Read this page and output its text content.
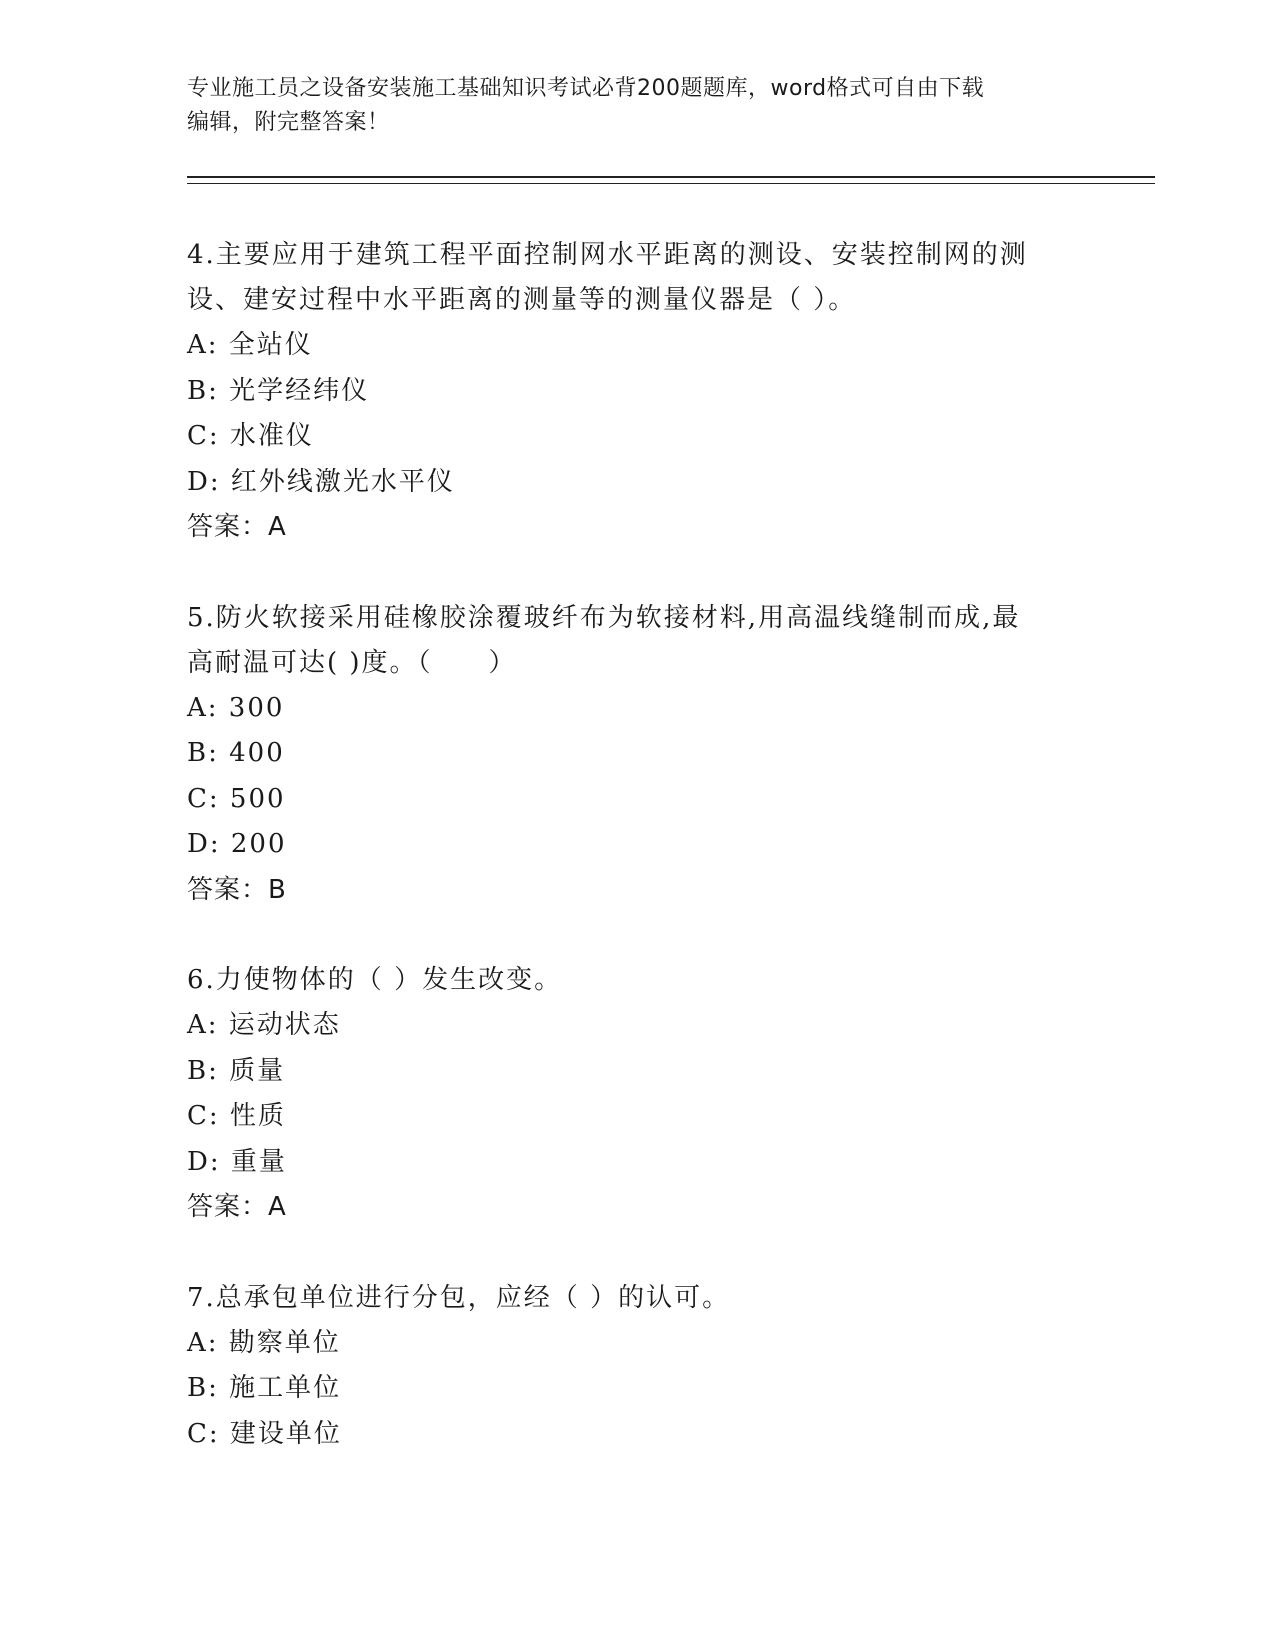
专业施工员之设备安装施工基础知识考试必背200题题库，word格式可自由下载
编辑，附完整答案！
4.主要应用于建筑工程平面控制网水平距离的测设、安装控制网的测
设、建安过程中水平距离的测量等的测量仪器是（ ）。
A: 全站仪
B: 光学经纬仪
C: 水准仪
D: 红外线激光水平仪
答案：A
5.防火软接采用硅橡胶涂覆玻纤布为软接材料,用高温线缝制而成,最
高耐温可达( )度。（　　）
A: 300
B: 400
C: 500
D: 200
答案：B
6.力使物体的（ ）发生改变。
A: 运动状态
B: 质量
C: 性质
D: 重量
答案：A
7.总承包单位进行分包，应经（ ）的认可。
A: 勘察单位
B: 施工单位
C: 建设单位
